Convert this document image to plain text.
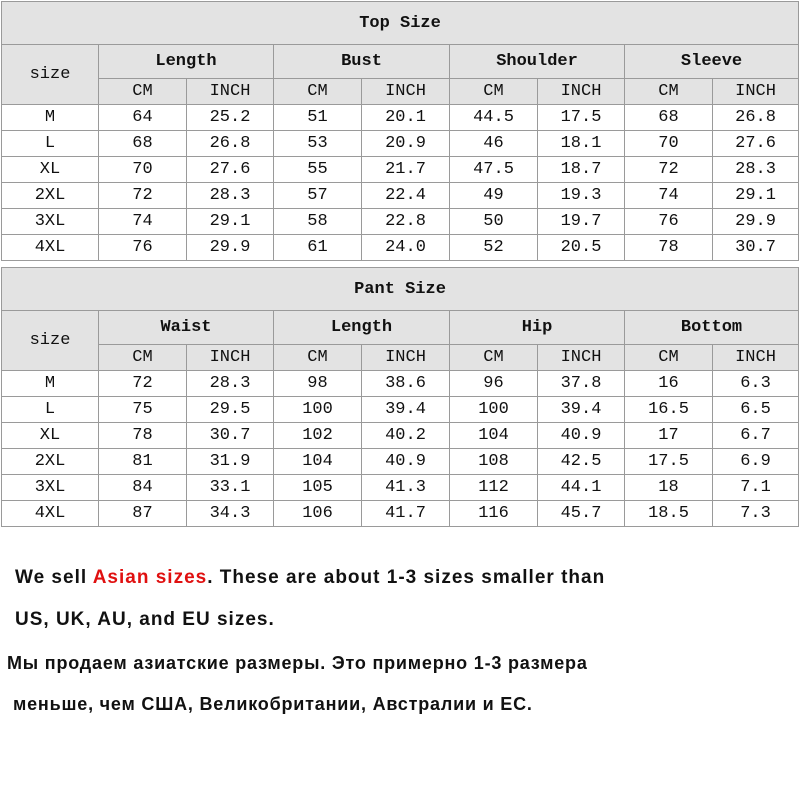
Top Size								
size	Length		Bust		Shoulder		Sleeve	
	CM	INCH	CM	INCH	CM	INCH	CM	INCH
M	64	25.2	51	20.1	44.5	17.5	68	26.8
L	68	26.8	53	20.9	46	18.1	70	27.6
XL	70	27.6	55	21.7	47.5	18.7	72	28.3
2XL	72	28.3	57	22.4	49	19.3	74	29.1
3XL	74	29.1	58	22.8	50	19.7	76	29.9
4XL	76	29.9	61	24.0	52	20.5	78	30.7
Pant Size								
size	Waist		Length		Hip		Bottom	
	CM	INCH	CM	INCH	CM	INCH	CM	INCH
M	72	28.3	98	38.6	96	37.8	16	6.3
L	75	29.5	100	39.4	100	39.4	16.5	6.5
XL	78	30.7	102	40.2	104	40.9	17	6.7
2XL	81	31.9	104	40.9	108	42.5	17.5	6.9
3XL	84	33.1	105	41.3	112	44.1	18	7.1
4XL	87	34.3	106	41.7	116	45.7	18.5	7.3
We sell Asian sizes. These are about 1-3 sizes smaller than
US, UK, AU, and EU sizes.
Мы продаем азиатские размеры. Это примерно 1-3 размера
меньше, чем США, Великобритании, Австралии и ЕС.
